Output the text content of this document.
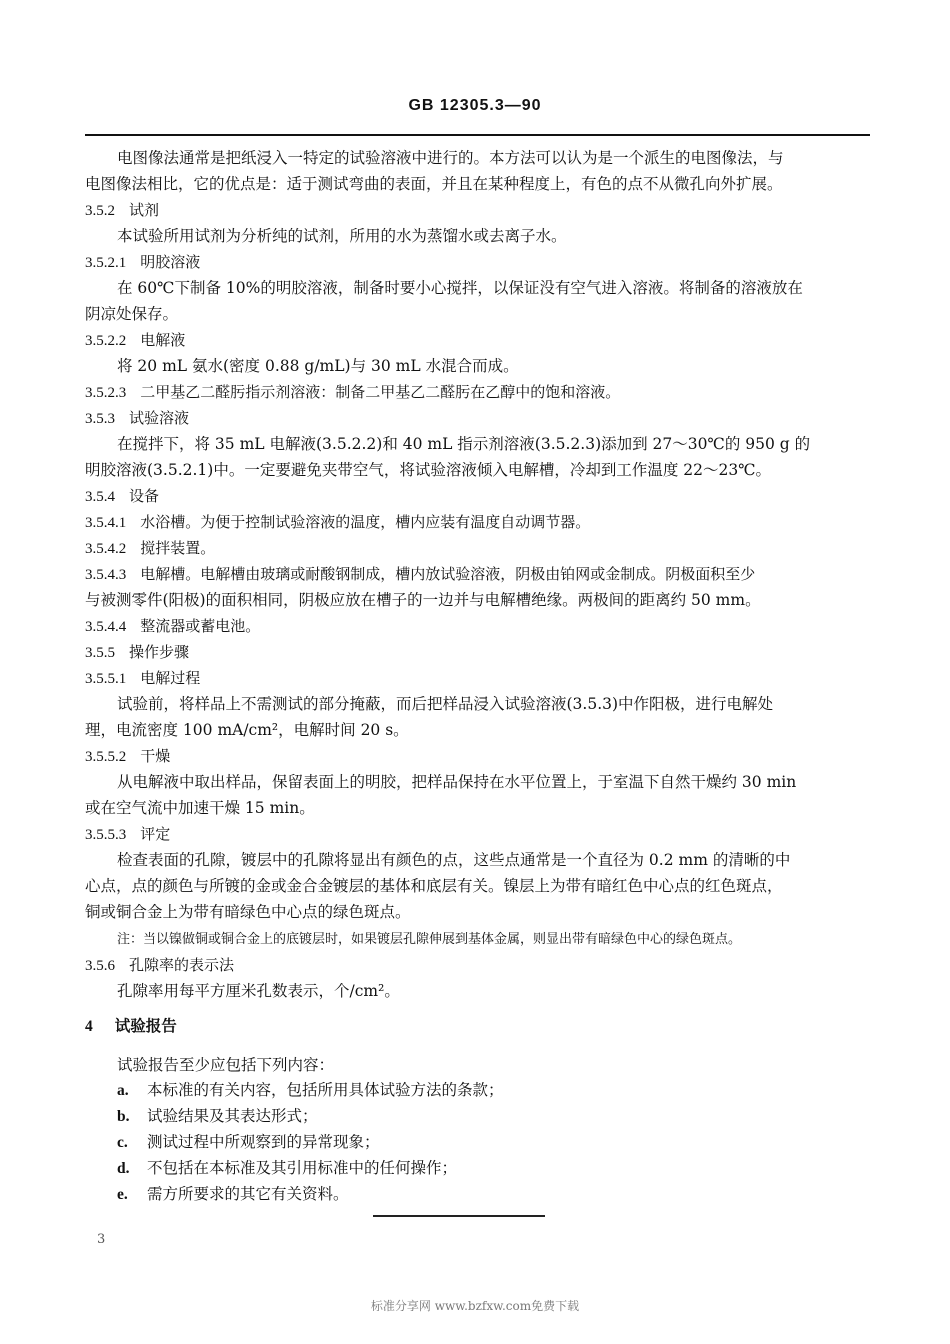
GB 12305.3—90
电图像法通常是把纸浸入一特定的试验溶液中进行的。本方法可以认为是一个派生的电图像法，与
电图像法相比，它的优点是：适于测试弯曲的表面，并且在某种程度上，有色的点不从微孔向外扩展。
3.5.2 试剂
本试验所用试剂为分析纯的试剂，所用的水为蒸馏水或去离子水。
3.5.2.1 明胶溶液
在 60℃下制备 10%的明胶溶液，制备时要小心搅拌，以保证没有空气进入溶液。将制备的溶液放在
阴凉处保存。
3.5.2.2 电解液
将 20 mL 氨水(密度 0.88 g/mL)与 30 mL 水混合而成。
3.5.2.3 二甲基乙二醛肟指示剂溶液：制备二甲基乙二醛肟在乙醇中的饱和溶液。
3.5.3 试验溶液
在搅拌下，将 35 mL 电解液(3.5.2.2)和 40 mL 指示剂溶液(3.5.2.3)添加到 27～30℃的 950 g 的
明胶溶液(3.5.2.1)中。一定要避免夹带空气，将试验溶液倾入电解槽，冷却到工作温度 22～23℃。
3.5.4 设备
3.5.4.1 水浴槽。为便于控制试验溶液的温度，槽内应装有温度自动调节器。
3.5.4.2 搅拌装置。
3.5.4.3 电解槽。电解槽由玻璃或耐酸钢制成，槽内放试验溶液，阴极由铂网或金制成。阴极面积至少
与被测零件(阳极)的面积相同，阴极应放在槽子的一边并与电解槽绝缘。两极间的距离约 50 mm。
3.5.4.4 整流器或蓄电池。
3.5.5 操作步骤
3.5.5.1 电解过程
试验前，将样品上不需测试的部分掩蔽，而后把样品浸入试验溶液(3.5.3)中作阳极，进行电解处
理，电流密度 100 mA/cm²，电解时间 20 s。
3.5.5.2 干燥
从电解液中取出样品，保留表面上的明胶，把样品保持在水平位置上，于室温下自然干燥约 30 min
或在空气流中加速干燥 15 min。
3.5.5.3 评定
检查表面的孔隙，镀层中的孔隙将显出有颜色的点，这些点通常是一个直径为 0.2 mm 的清晰的中
心点，点的颜色与所镀的金或金合金镀层的基体和底层有关。镍层上为带有暗红色中心点的红色斑点，
铜或铜合金上为带有暗绿色中心点的绿色斑点。
注：当以镍做铜或铜合金上的底镀层时，如果镀层孔隙伸展到基体金属，则显出带有暗绿色中心的绿色斑点。
3.5.6 孔隙率的表示法
孔隙率用每平方厘米孔数表示，个/cm²。
4 试验报告
试验报告至少应包括下列内容：
a. 本标准的有关内容，包括所用具体试验方法的条款；
b. 试验结果及其表达形式；
c. 测试过程中所观察到的异常现象；
d. 不包括在本标准及其引用标准中的任何操作；
e. 需方所要求的其它有关资料。
3
标准分享网 www.bzfxw.com免费下载
